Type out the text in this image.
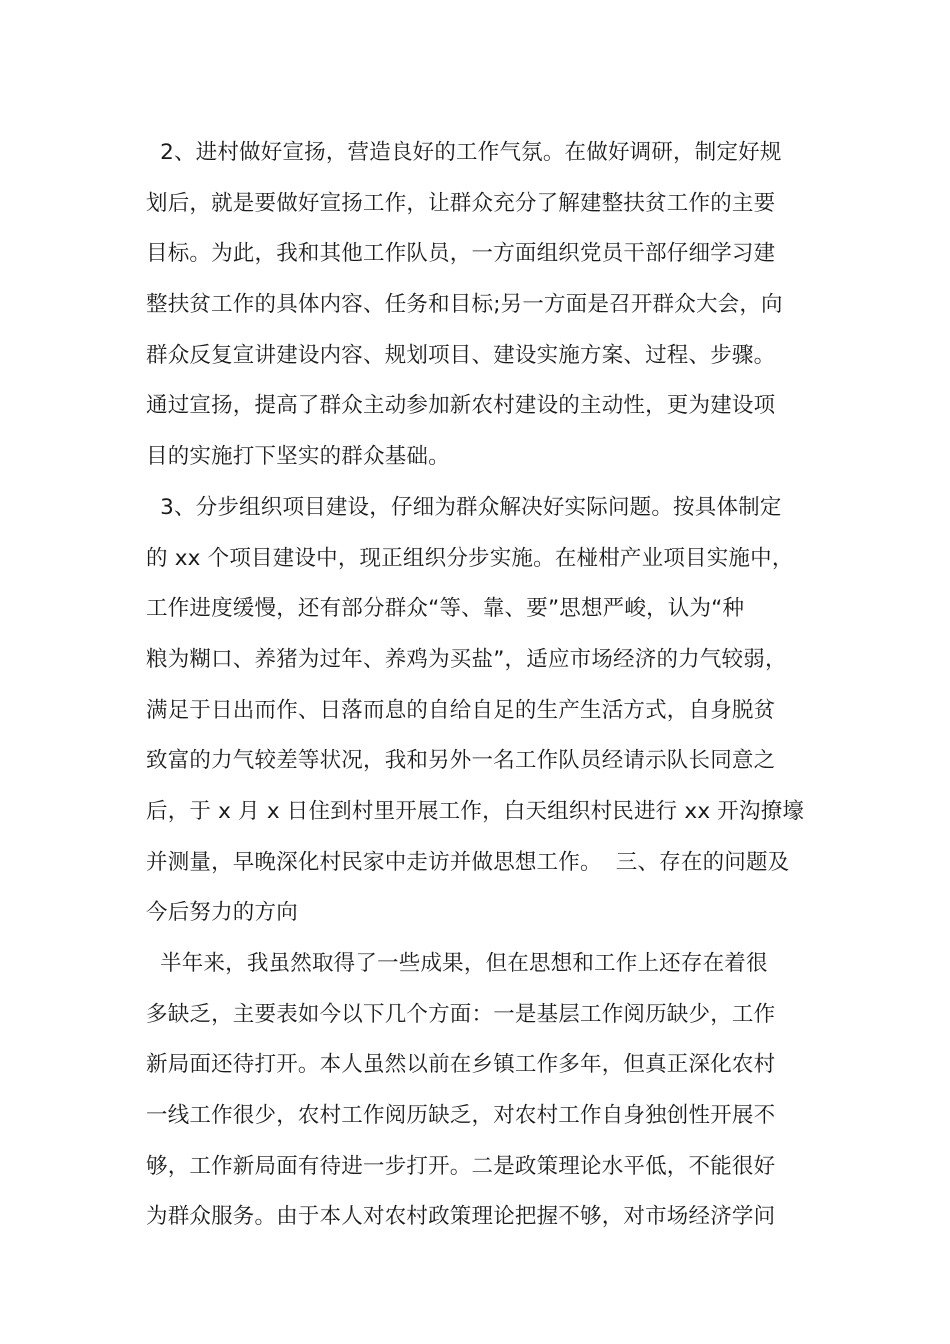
2、进村做好宣扬，营造良好的工作气氛。在做好调研，制定好规
划后，就是要做好宣扬工作，让群众充分了解建整扶贫工作的主要
目标。为此，我和其他工作队员，一方面组织党员干部仔细学习建
整扶贫工作的具体内容、任务和目标;另一方面是召开群众大会，向
群众反复宣讲建设内容、规划项目、建设实施方案、过程、步骤。
通过宣扬，提高了群众主动参加新农村建设的主动性，更为建设项
目的实施打下坚实的群众基础。
3、分步组织项目建设，仔细为群众解决好实际问题。按具体制定
的 xx 个项目建设中，现正组织分步实施。在椪柑产业项目实施中，
工作进度缓慢，还有部分群众“等、靠、要”思想严峻，认为“种
粮为糊口、养猪为过年、养鸡为买盐”，适应市场经济的力气较弱，
满足于日出而作、日落而息的自给自足的生产生活方式，自身脱贫
致富的力气较差等状况，我和另外一名工作队员经请示队长同意之
后，于 x 月 x 日住到村里开展工作，白天组织村民进行 xx 开沟撩壕
并测量，早晚深化村民家中走访并做思想工作。  三、存在的问题及
今后努力的方向
半年来，我虽然取得了一些成果，但在思想和工作上还存在着很
多缺乏，主要表如今以下几个方面：一是基层工作阅历缺少，工作
新局面还待打开。本人虽然以前在乡镇工作多年，但真正深化农村
一线工作很少，农村工作阅历缺乏，对农村工作自身独创性开展不
够，工作新局面有待进一步打开。二是政策理论水平低，不能很好
为群众服务。由于本人对农村政策理论把握不够，对市场经济学问
